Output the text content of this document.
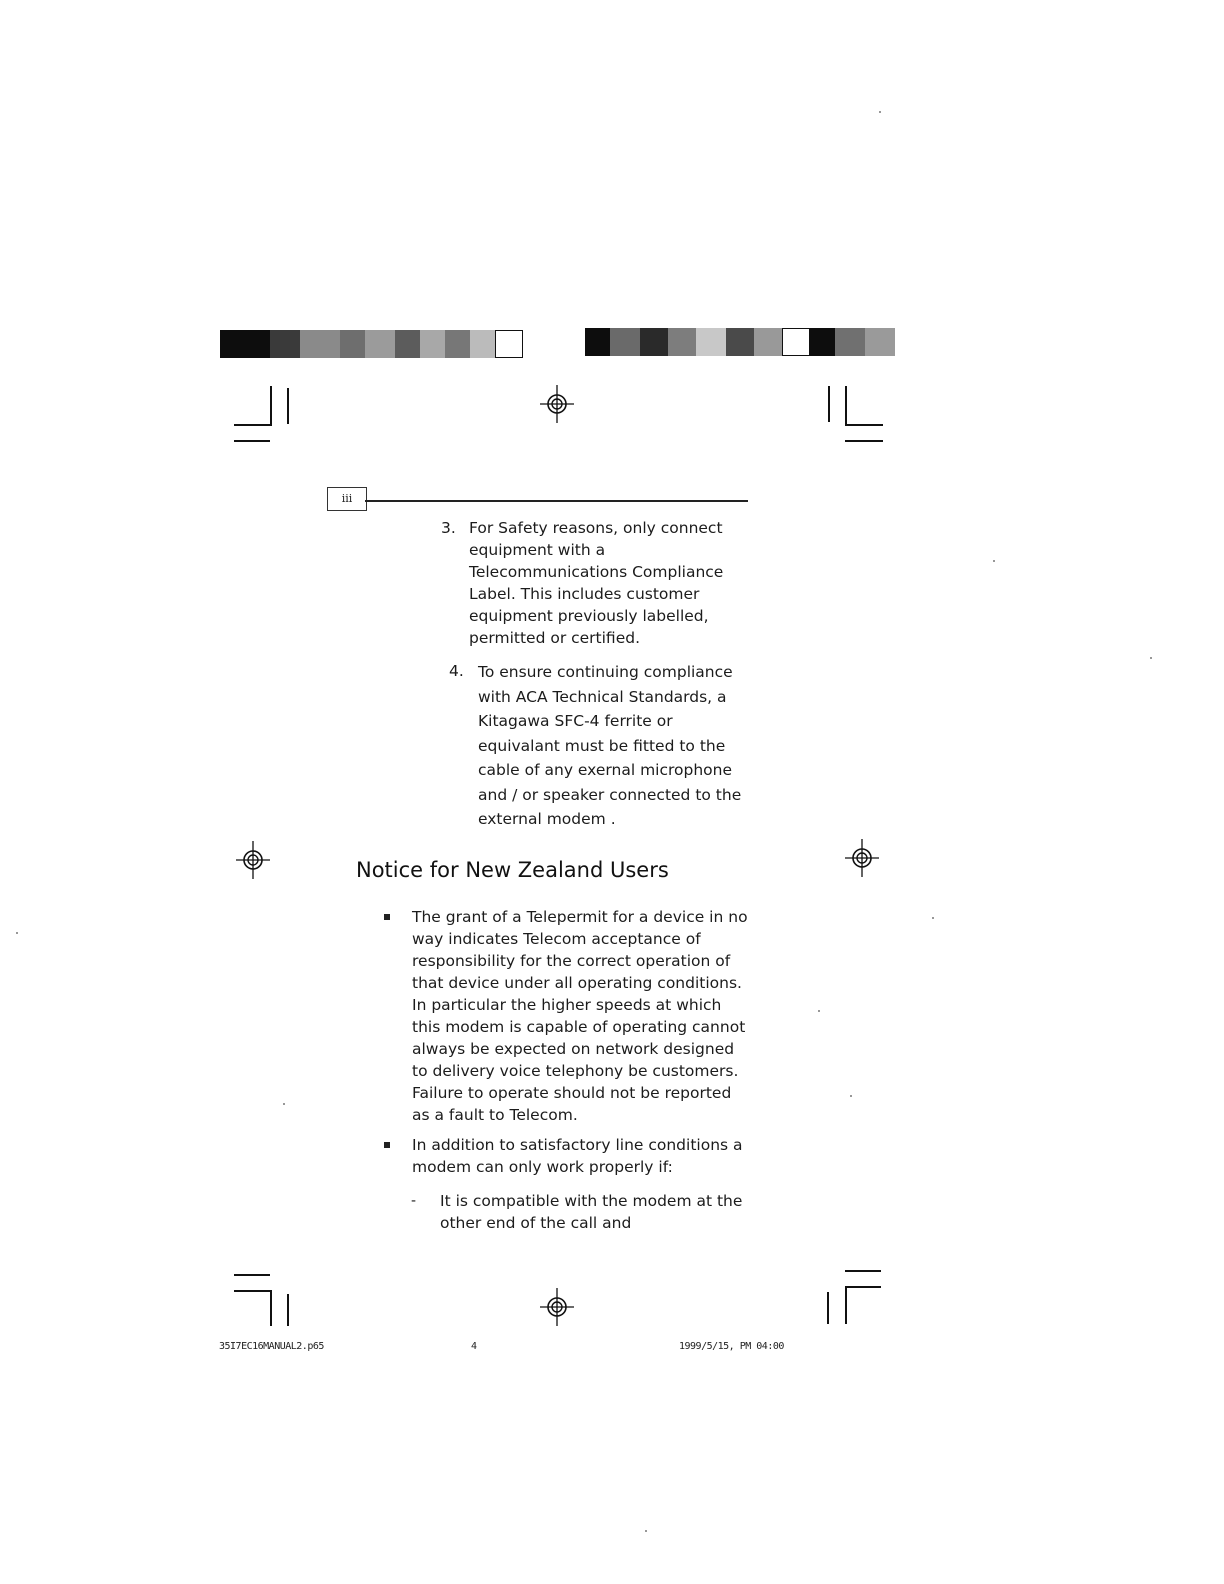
iii
3. For Safety reasons, only connect
equipment with a
Telecommunications Compliance
Label. This includes customer
equipment previously labelled,
permitted or certified.
4. To ensure continuing compliance
with ACA Technical Standards, a
Kitagawa SFC-4 ferrite or
equivalant must be fitted to the
cable of any exernal microphone
and / or speaker connected to the
external modem .
Notice for New Zealand Users
The grant of a Telepermit for a device in no
way indicates Telecom acceptance of
responsibility for the correct operation of
that device under all operating conditions.
In particular the higher speeds at which
this modem is capable of operating cannot
always be expected on network designed
to delivery voice telephony be customers.
Failure to operate should not be reported
as a fault to Telecom.
In addition to satisfactory line conditions a
modem can only work properly if:
- It is compatible with the modem at the
other end of the call and
35I7EC16MANUAL2.p65	4	1999/5/15, PM 04:00
